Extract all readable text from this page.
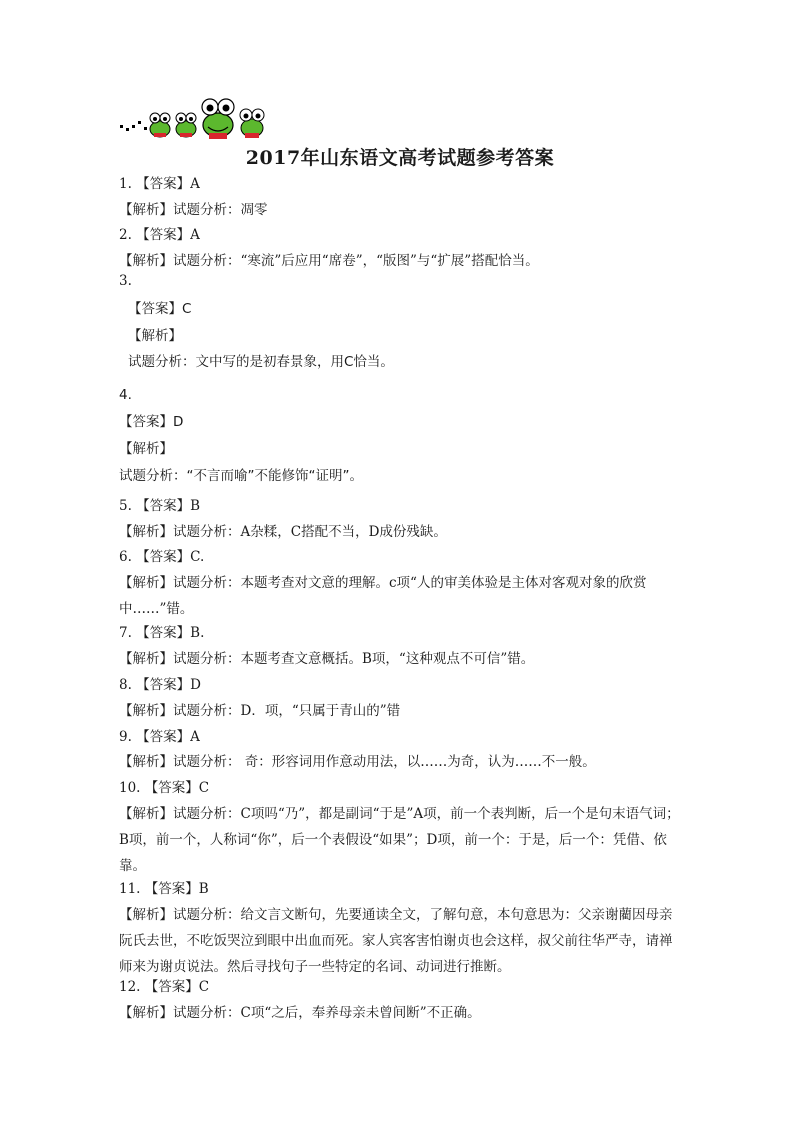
2017年山东语文高考试题参考答案
1. 【答案】A
【解析】试题分析：凋零
2. 【答案】A
【解析】试题分析：“寒流”后应用“席卷”，“版图”与“扩展”搭配恰当。
3.
【答案】C
【解析】
试题分析：文中写的是初春景象，用C恰当。
4.
【答案】D
【解析】
试题分析：“不言而喻”不能修饰“证明”。
5. 【答案】B
【解析】试题分析：A杂糅，C搭配不当，D成份残缺。
6. 【答案】C.
【解析】试题分析：本题考查对文意的理解。c项“人的审美体验是主体对客观对象的欣赏中……”错。
7. 【答案】B.
【解析】试题分析：本题考查文意概括。B项，“这种观点不可信”错。
8. 【答案】D
【解析】试题分析：D．项，“只属于青山的”错
9. 【答案】A
【解析】试题分析： 奇：形容词用作意动用法，以……为奇，认为……不一般。
10. 【答案】C
【解析】试题分析：C项吗“乃”，都是副词“于是”A项，前一个表判断，后一个是句末语气词；B项，前一个，人称词“你”，后一个表假设“如果”；D项，前一个：于是，后一个：凭借、依靠。
11. 【答案】B
【解析】试题分析：给文言文断句，先要通读全文，了解句意，本句意思为：父亲谢藺因母亲阮氏去世，不吃饭哭泣到眼中出血而死。家人宾客害怕谢贞也会这样，叔父前往华严寺，请禅师来为谢贞说法。然后寻找句子一些特定的名词、动词进行推断。
12. 【答案】C
【解析】试题分析：C项“之后，奉养母亲未曾间断”不正确。
